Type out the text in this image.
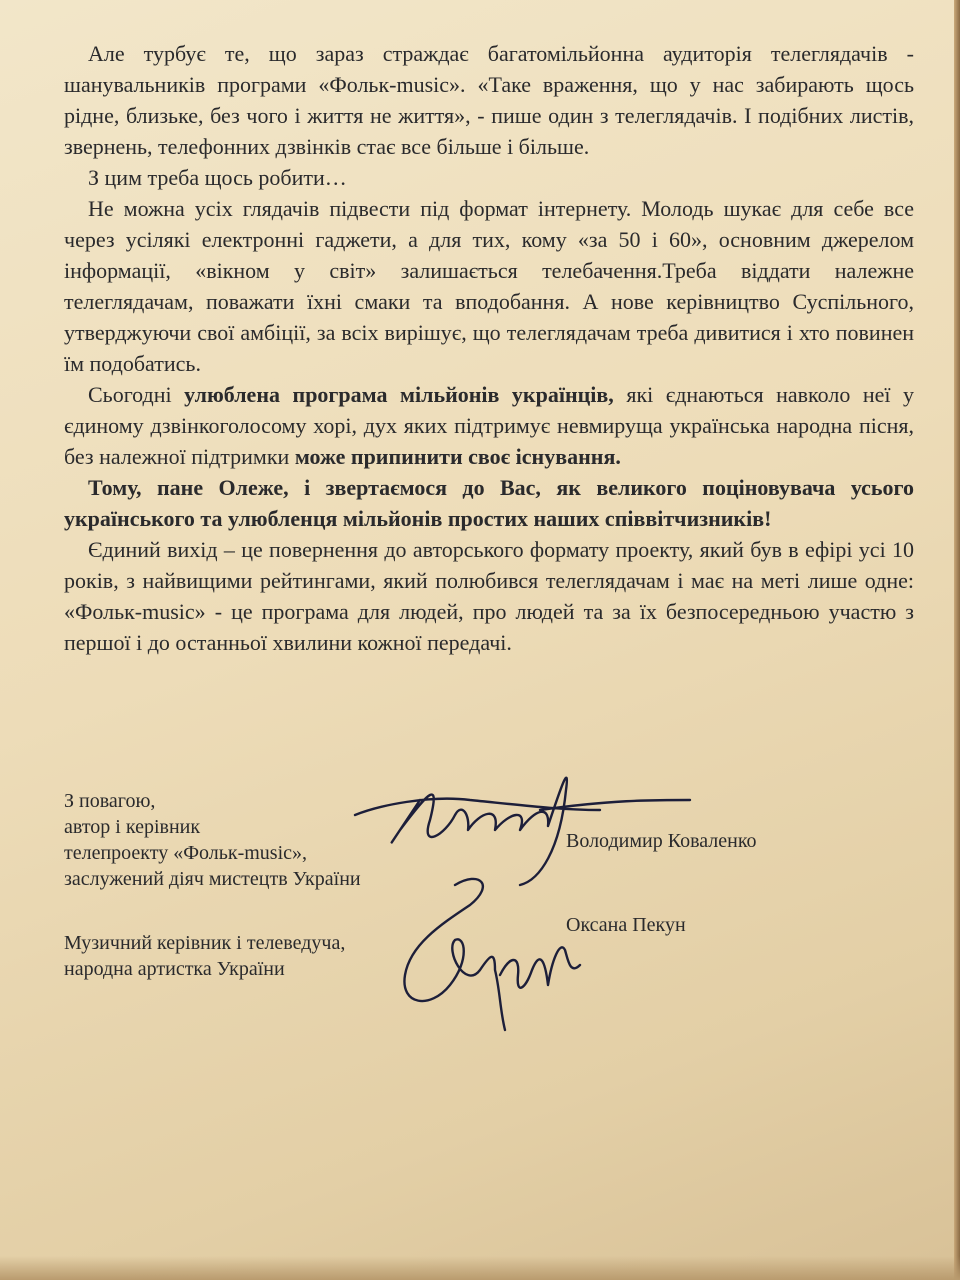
Але турбує те, що зараз страждає багатомільйонна аудиторія телеглядачів - шанувальників програми «Фольк-music». «Таке враження, що у нас забирають щось рідне, близьке, без чого і життя не життя», - пише один з телеглядачів. І подібних листів, звернень, телефонних дзвінків стає все більше і більше.

З цим треба щось робити…

Не можна усіх глядачів підвести під формат інтернету. Молодь шукає для себе все через усілякі електронні гаджети, а для тих, кому «за 50 і 60», основним джерелом інформації, «вікном у світ» залишається телебачення.Треба віддати належне телеглядачам, поважати їхні смаки та вподобання. А нове керівництво Суспільного, утверджуючи свої амбіції, за всіх вирішує, що телеглядачам треба дивитися і хто повинен їм подобатись.

Сьогодні улюблена програма мільйонів українців, які єднаються навколо неї у єдиному дзвінкоголосому хорі, дух яких підтримує невмируща українська народна пісня, без належної підтримки може припинити своє існування.

Тому, пане Олеже, і звертаємося до Вас, як великого поціновувача усього українського та улюбленця мільйонів простих наших співвітчизників!

Єдиний вихід – це повернення до авторського формату проекту, який був в ефірі усі 10 років, з найвищими рейтингами, який полюбився телеглядачам і має на меті лише одне: «Фольк-music» - це програма для людей, про людей та за їх безпосередньою участю з першої і до останньої хвилини кожної передачі.

З повагою,
автор і керівник
телепроекту «Фольк-music»,
заслужений діяч мистецтв України
Володимир Коваленко
Музичний керівник і телеведуча,
народна артистка України
Оксана Пекун
